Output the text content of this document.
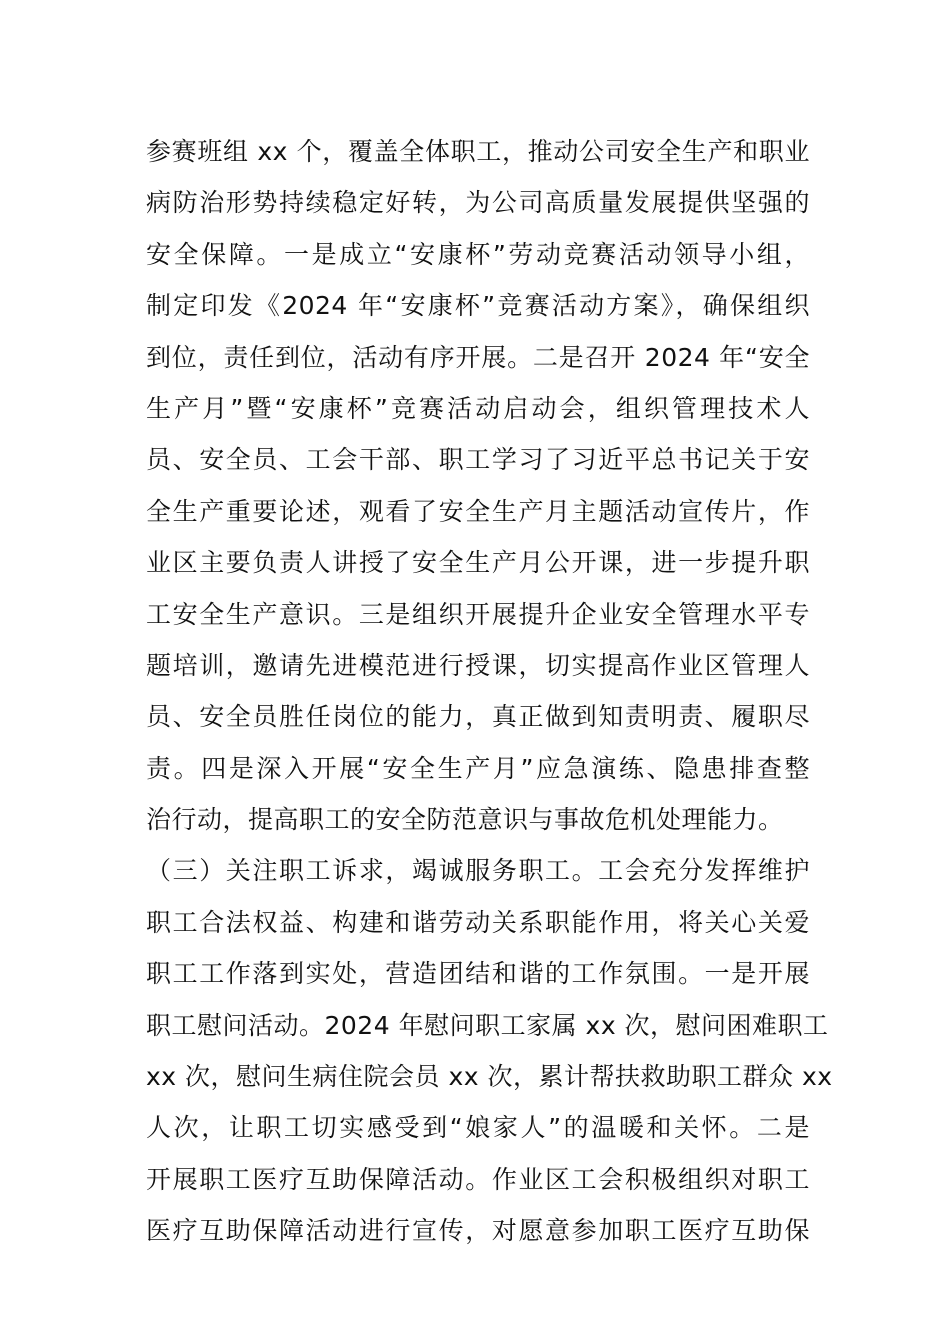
参赛班组 xx 个，覆盖全体职工，推动公司安全生产和职业
病防治形势持续稳定好转，为公司高质量发展提供坚强的
安全保障。一是成立“安康杯”劳动竞赛活动领导小组，
制定印发《2024 年“安康杯”竞赛活动方案》，确保组织
到位，责任到位，活动有序开展。二是召开 2024 年“安全
生产月”暨“安康杯”竞赛活动启动会，组织管理技术人
员、安全员、工会干部、职工学习了习近平总书记关于安
全生产重要论述，观看了安全生产月主题活动宣传片，作
业区主要负责人讲授了安全生产月公开课，进一步提升职
工安全生产意识。三是组织开展提升企业安全管理水平专
题培训，邀请先进模范进行授课，切实提高作业区管理人
员、安全员胜任岗位的能力，真正做到知责明责、履职尽
责。四是深入开展“安全生产月”应急演练、隐患排查整
治行动，提高职工的安全防范意识与事故危机处理能力。
（三）关注职工诉求，竭诚服务职工。工会充分发挥维护
职工合法权益、构建和谐劳动关系职能作用，将关心关爱
职工工作落到实处，营造团结和谐的工作氛围。一是开展
职工慰问活动。2024 年慰问职工家属 xx 次，慰问困难职工
xx 次，慰问生病住院会员 xx 次，累计帮扶救助职工群众 xx
人次，让职工切实感受到“娘家人”的温暖和关怀。二是
开展职工医疗互助保障活动。作业区工会积极组织对职工
医疗互助保障活动进行宣传，对愿意参加职工医疗互助保
